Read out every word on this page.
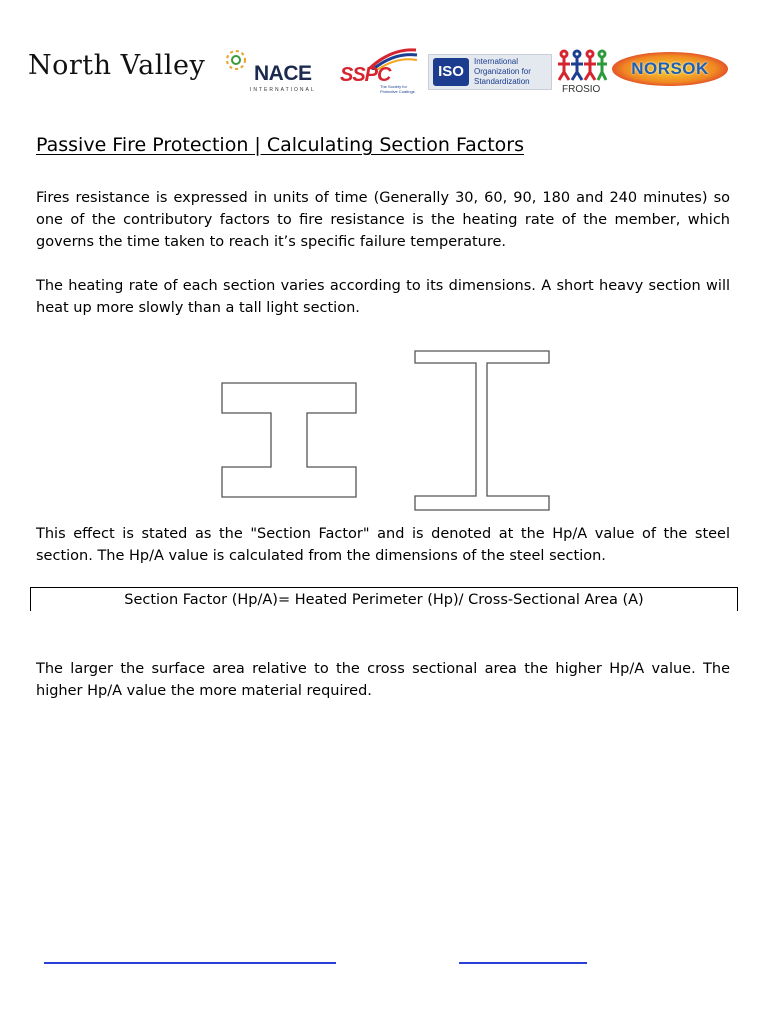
North Valley NACE
INTERNATIONAL
SSPC
The Society for Protective Coatings
ISO
International
Organization for
Standardization
FROSIO
NORSOK
Passive Fire Protection | Calculating Section Factors

Fires resistance is expressed in units of time (Generally 30, 60, 90, 180 and 240 minutes) so one of the contributory factors to fire resistance is the heating rate of the member, which governs the time taken to reach it’s specific failure temperature.

The heating rate of each section varies according to its dimensions. A short heavy section will heat up more slowly than a tall light section.

This effect is stated as the "Section Factor" and is denoted at the Hp/A value of the steel section. The Hp/A value is calculated from the dimensions of the steel section.

Section Factor (Hp/A)= Heated Perimeter (Hp)/ Cross-Sectional Area (A)

The larger the surface area relative to the cross sectional area the higher Hp/A value. The higher Hp/A value the more material required.
